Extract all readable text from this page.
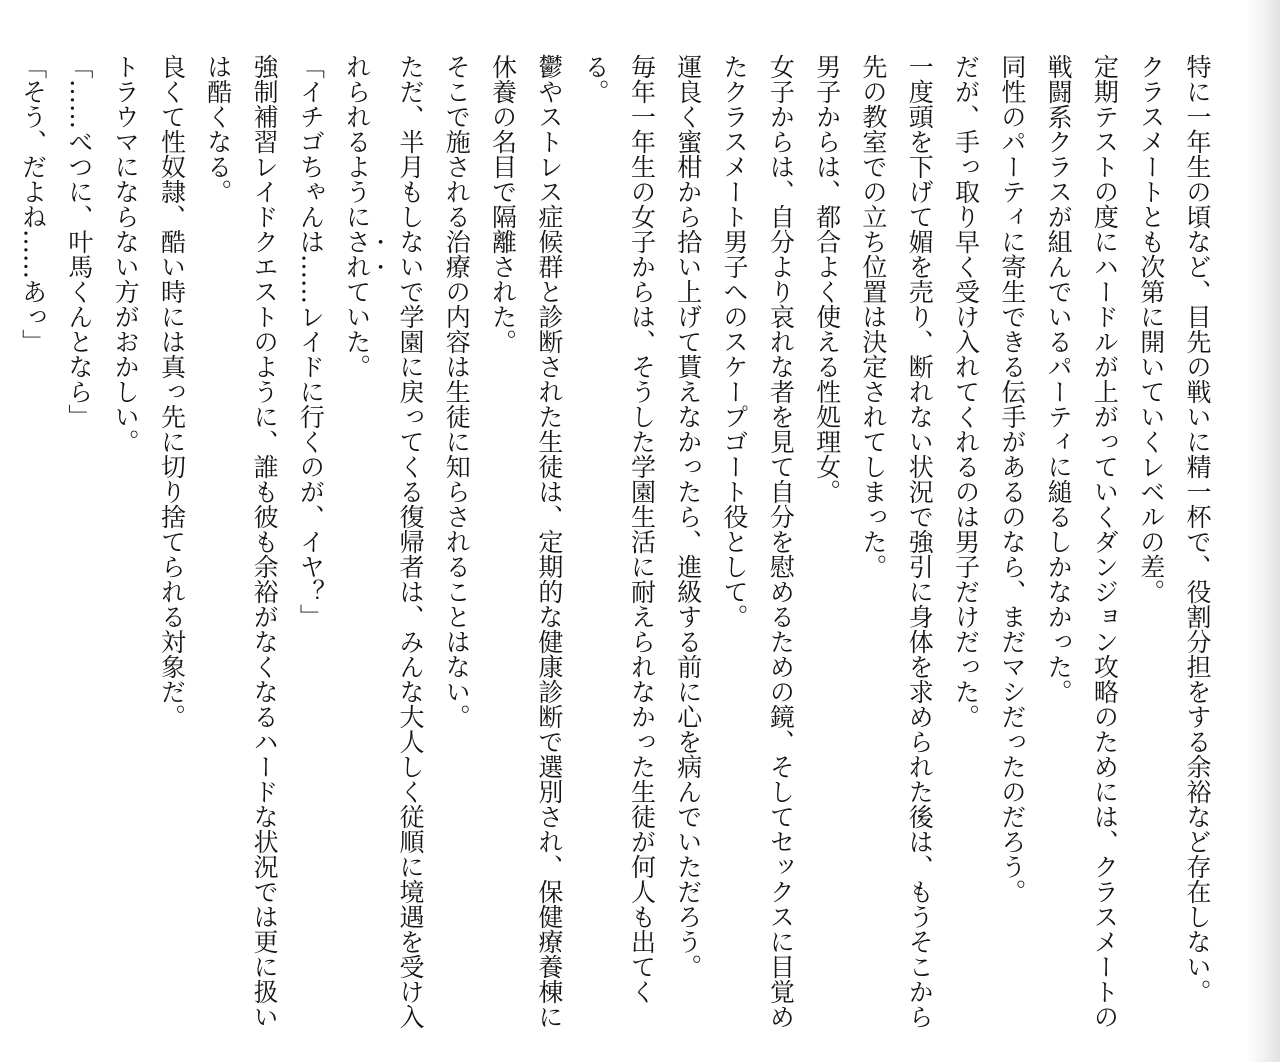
特に一年生の頃など、目先の戦いに精一杯で、役割分担をする余裕など存在しない。
クラスメートとも次第に開いていくレベルの差。
定期テストの度にハードルが上がっていくダンジョン攻略のためには、クラスメートの戦闘系クラスが組んでいるパーティに縋るしかなかった。
同性のパーティに寄生できる伝手があるのなら、まだマシだったのだろう。
だが、手っ取り早く受け入れてくれるのは男子だけだった。
一度頭を下げて媚を売り、断れない状況で強引に身体を求められた後は、もうそこから先の教室での立ち位置は決定されてしまった。
男子からは、都合よく使える性処理女。
女子からは、自分より哀れな者を見て自分を慰めるための鏡、そしてセックスに目覚めたクラスメート男子へのスケープゴート役として。
運良く蜜柑から拾い上げて貰えなかったら、進級する前に心を病んでいただろう。
毎年一年生の女子からは、そうした学園生活に耐えられなかった生徒が何人も出てくる。
鬱やストレス症候群と診断された生徒は、定期的な健康診断で選別され、保健療養棟に休養の名目で隔離された。
そこで施される治療の内容は生徒に知らされることはない。
ただ、半月もしないで学園に戻ってくる復帰者は、みんな大人しく従順に境遇を受け入れられるようにされていた。
「イチゴちゃんは……レイドに行くのが、イヤ？」
強制補習レイドクエストのように、誰も彼も余裕がなくなるハードな状況では更に扱いは酷くなる。
良くて性奴隷、酷い時には真っ先に切り捨てられる対象だ。
トラウマにならない方がおかしい。
「……べつに、叶馬くんとなら」
「そう、だよね……あっ」
